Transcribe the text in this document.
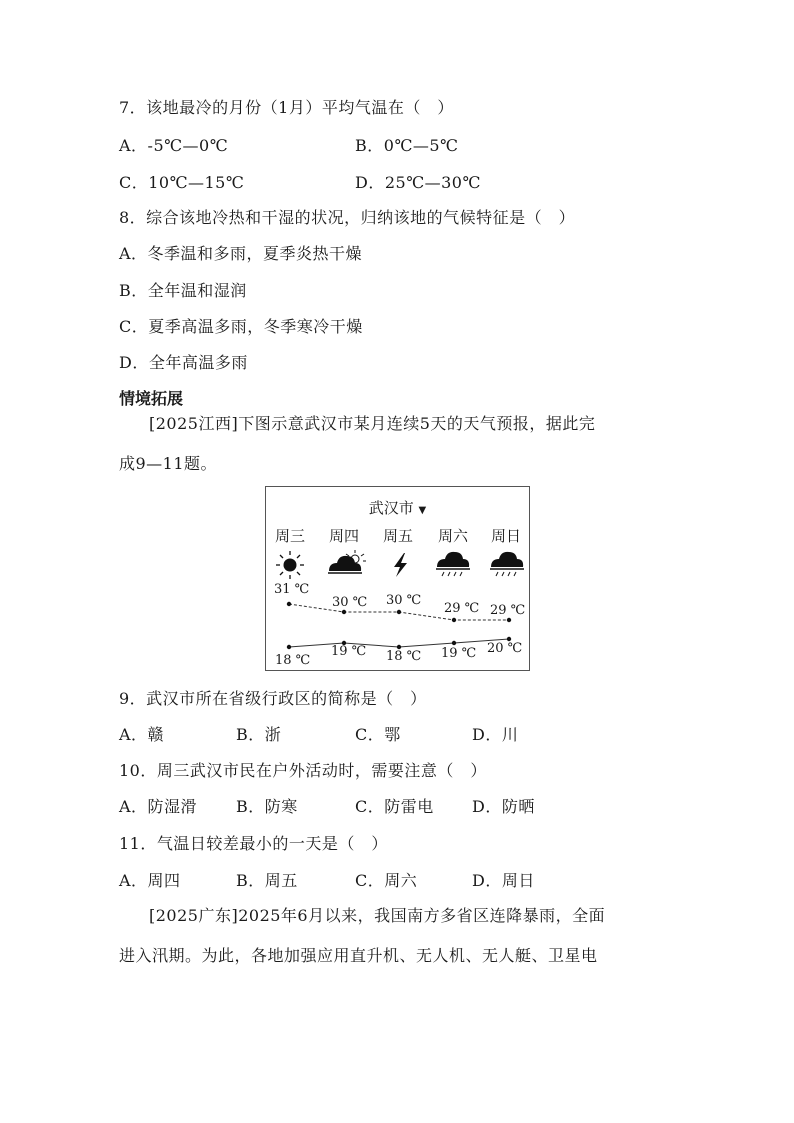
7．该地最冷的月份（1月）平均气温在（　）
A．-5℃—0℃	B．0℃—5℃
C．10℃—15℃	D．25℃—30℃
8．综合该地冷热和干湿的状况，归纳该地的气候特征是（　）
A．冬季温和多雨，夏季炎热干燥
B．全年温和湿润
C．夏季高温多雨，冬季寒冷干燥
D．全年高温多雨
情境拓展
[2025江西]下图示意武汉市某月连续5天的天气预报，据此完
成9—11题。
武汉市 ▼
周三	周四	周五	周六	周日
31 ℃
30 ℃ 30 ℃
29 ℃ 29 ℃
18 ℃
19 ℃ 18 ℃ 19 ℃ 20 ℃
9．武汉市所在省级行政区的简称是（　）
A．赣	B．浙	C．鄂	D．川
10．周三武汉市民在户外活动时，需要注意（　）
A．防湿滑 B．防寒	C．防雷电 D．防晒
11．气温日较差最小的一天是（　）
A．周四	B．周五	C．周六	D．周日
[2025广东]2025年6月以来，我国南方多省区连降暴雨，全面
进入汛期。为此，各地加强应用直升机、无人机、无人艇、卫星电
